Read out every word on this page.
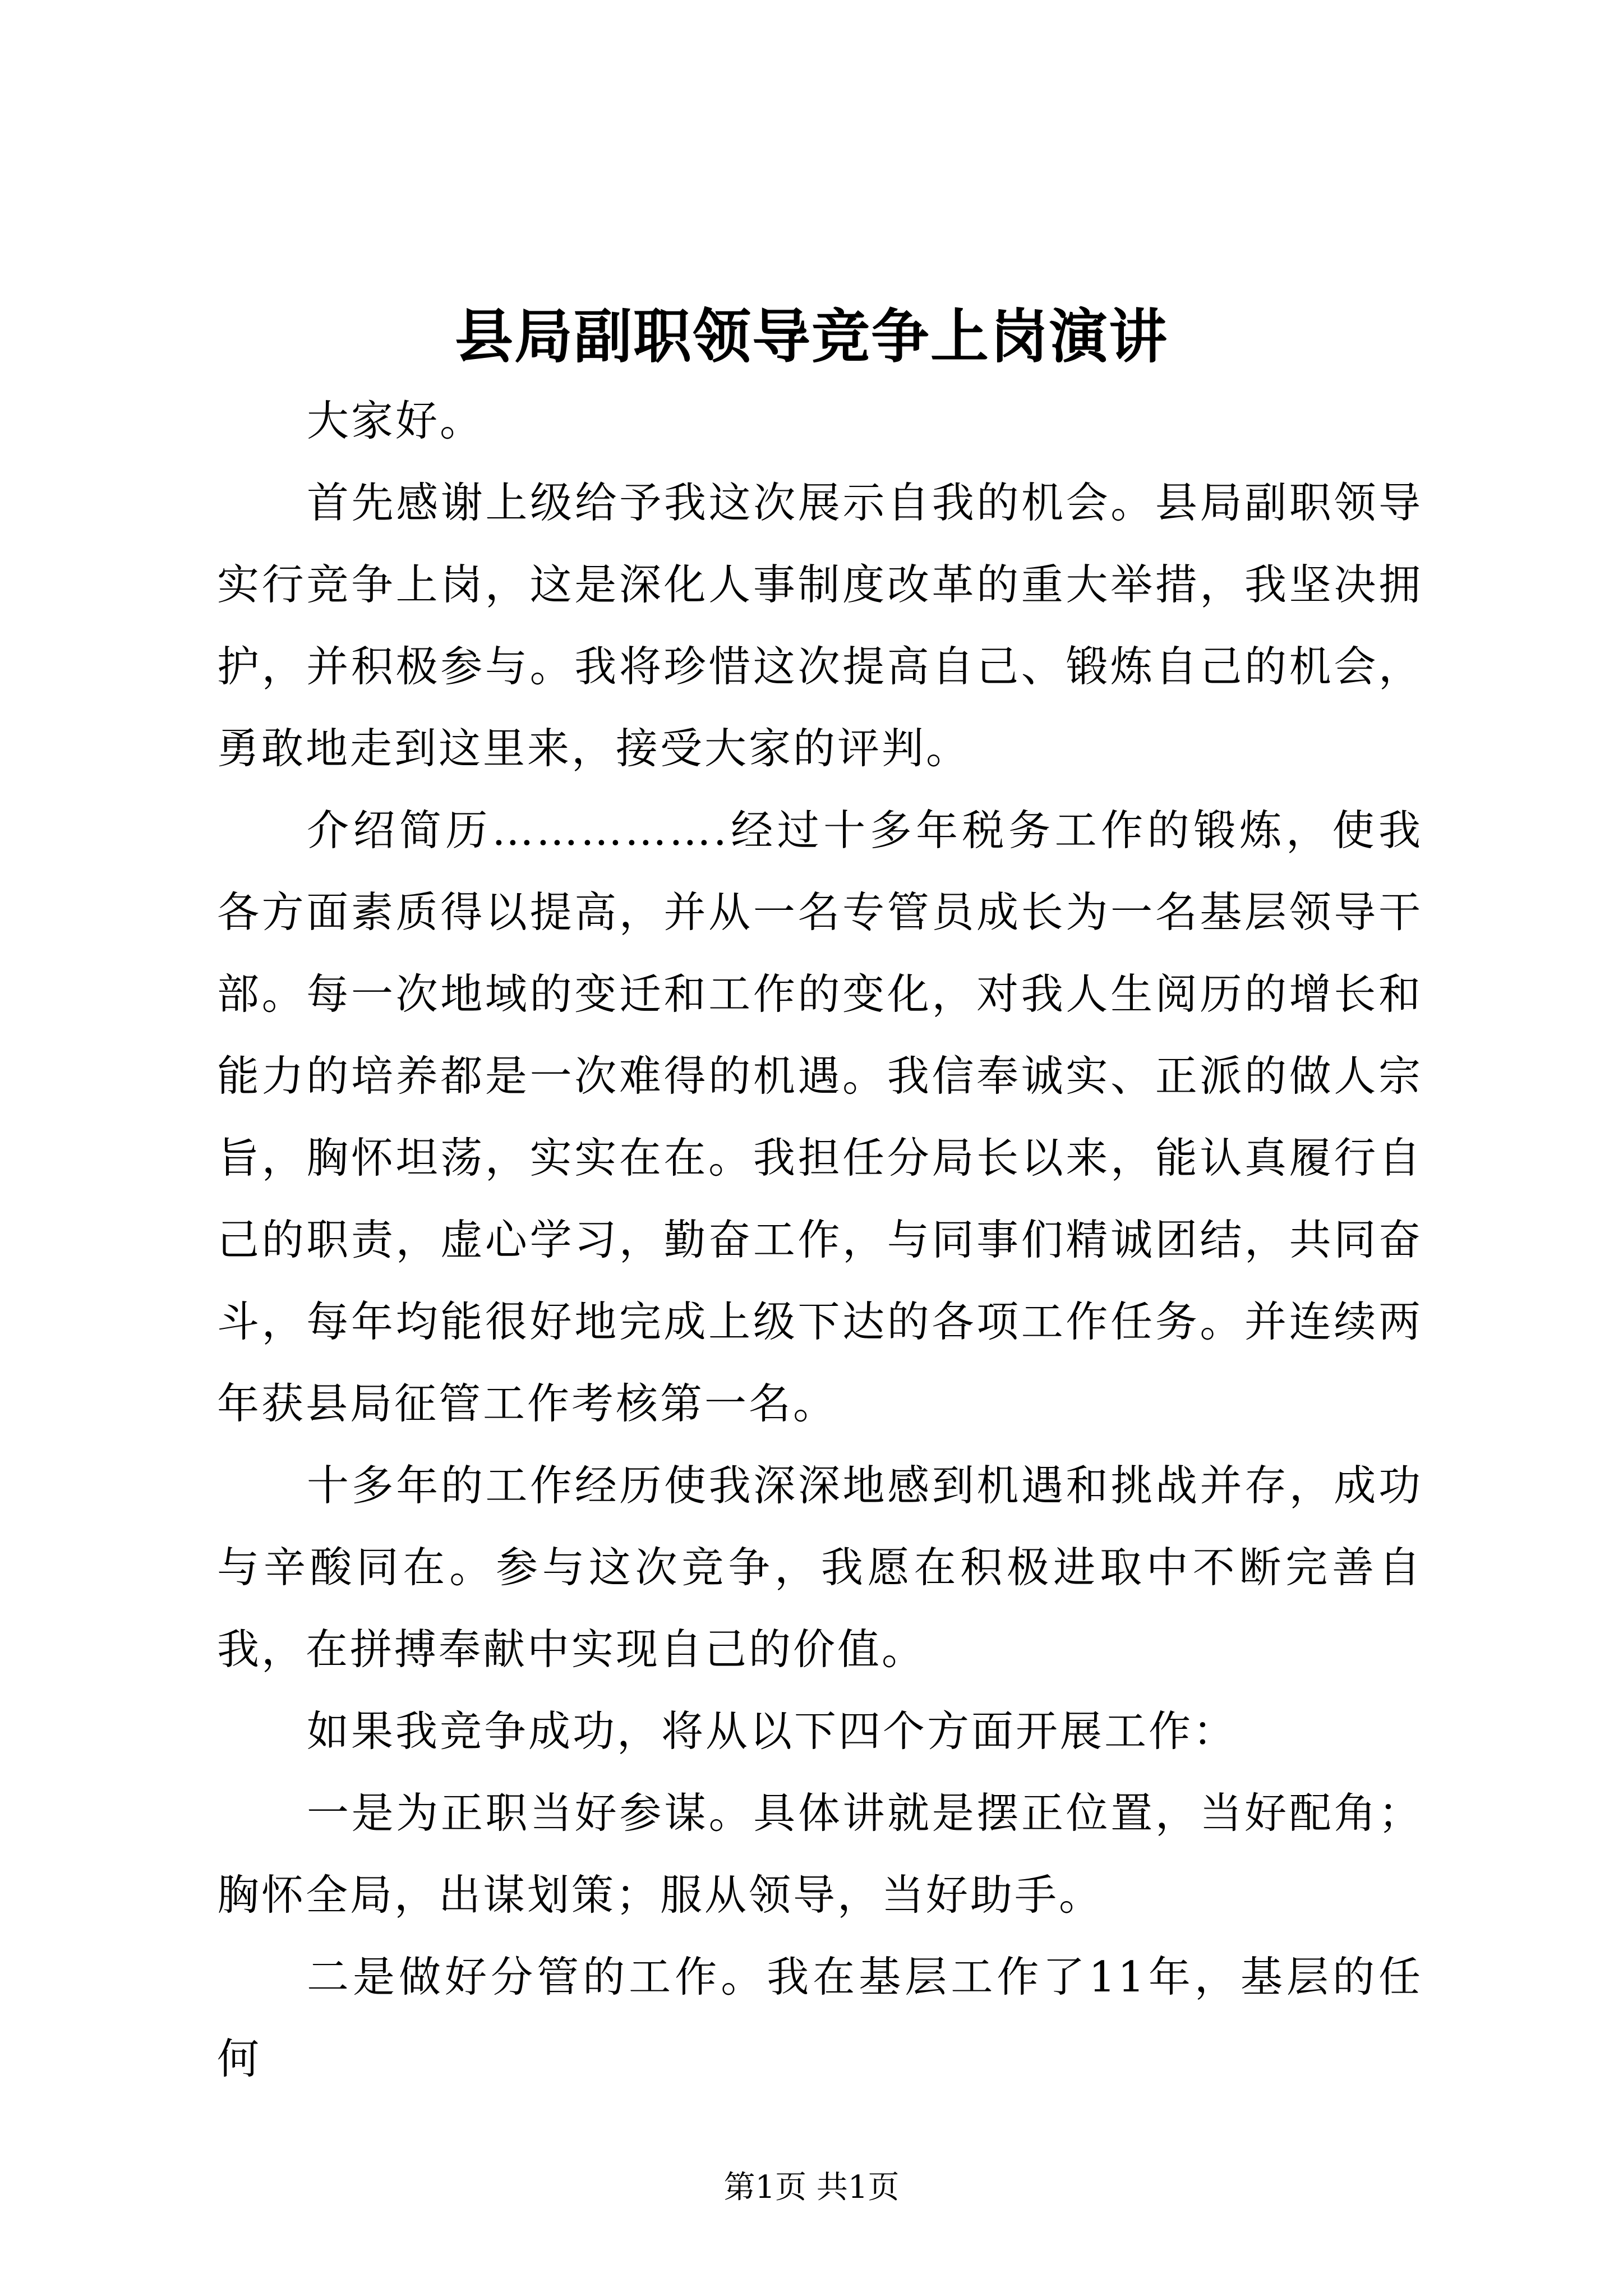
县局副职领导竞争上岗演讲

大家好。

首先感谢上级给予我这次展示自我的机会。县局副职领导实行竞争上岗，这是深化人事制度改革的重大举措，我坚决拥护，并积极参与。我将珍惜这次提高自己、锻炼自己的机会，勇敢地走到这里来，接受大家的评判。

介绍简历…………….经过十多年税务工作的锻炼，使我各方面素质得以提高，并从一名专管员成长为一名基层领导干部。每一次地域的变迁和工作的变化，对我人生阅历的增长和能力的培养都是一次难得的机遇。我信奉诚实、正派的做人宗旨，胸怀坦荡，实实在在。我担任分局长以来，能认真履行自己的职责，虚心学习，勤奋工作，与同事们精诚团结，共同奋斗，每年均能很好地完成上级下达的各项工作任务。并连续两年获县局征管工作考核第一名。

十多年的工作经历使我深深地感到机遇和挑战并存，成功与辛酸同在。参与这次竞争，我愿在积极进取中不断完善自我，在拼搏奉献中实现自己的价值。

如果我竞争成功，将从以下四个方面开展工作：

一是为正职当好参谋。具体讲就是摆正位置，当好配角；胸怀全局，出谋划策；服从领导，当好助手。

二是做好分管的工作。我在基层工作了11年，基层的任何

第1页 共1页
